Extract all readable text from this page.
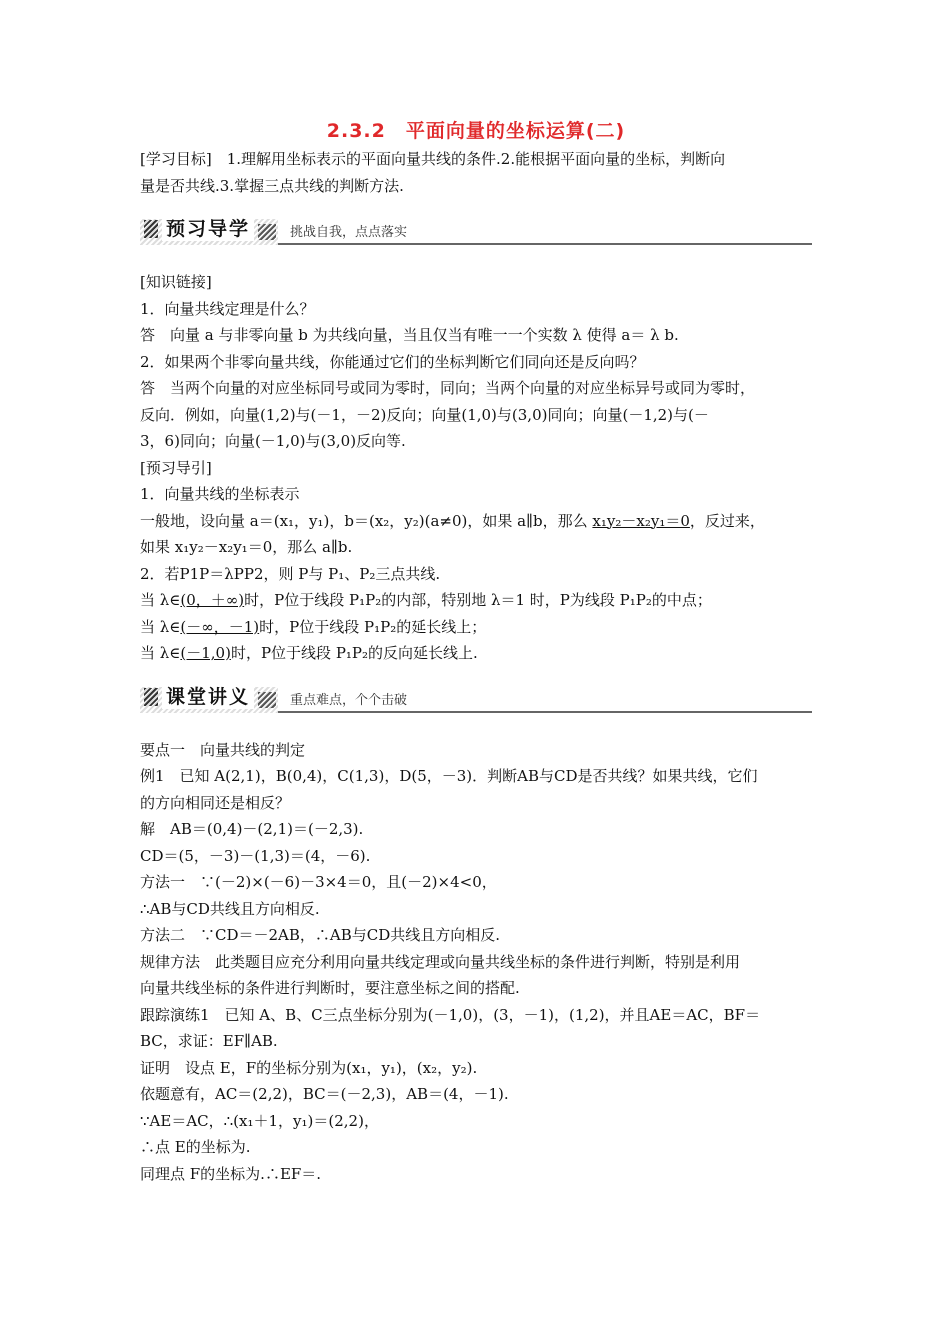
2.3.2　平面向量的坐标运算(二)
[学习目标]　1.理解用坐标表示的平面向量共线的条件.2.能根据平面向量的坐标，判断向
量是否共线.3.掌握三点共线的判断方法.
预习导学	挑战自我，点点落实
[知识链接]
1．向量共线定理是什么？
答　向量 a 与非零向量 b 为共线向量，当且仅当有唯一一个实数 λ 使得 a＝ λ b.
2．如果两个非零向量共线，你能通过它们的坐标判断它们同向还是反向吗？
答　当两个向量的对应坐标同号或同为零时，同向；当两个向量的对应坐标异号或同为零时，
反向．例如，向量(1,2)与(－1，－2)反向；向量(1,0)与(3,0)同向；向量(－1,2)与(－
3，6)同向；向量(－1,0)与(3,0)反向等.
[预习导引]
1．向量共线的坐标表示
一般地，设向量 a＝(x₁，y₁)，b＝(x₂，y₂)(a≠0)，如果 a∥b，那么 x₁y₂－x₂y₁＝0，反过来，
如果 x₁y₂－x₂y₁＝0，那么 a∥b.
2．若P1P＝λPP2，则 P与 P₁、P₂三点共线.
当 λ∈(0，＋∞)时，P位于线段 P₁P₂的内部，特别地 λ＝1 时，P为线段 P₁P₂的中点；
当 λ∈(－∞，－1)时，P位于线段 P₁P₂的延长线上；
当 λ∈(－1,0)时，P位于线段 P₁P₂的反向延长线上.
课堂讲义	重点难点，个个击破
要点一　向量共线的判定
例1　已知 A(2,1)，B(0,4)，C(1,3)，D(5，－3)．判断AB与CD是否共线？如果共线，它们
的方向相同还是相反？
解　AB＝(0,4)－(2,1)＝(－2,3).
CD＝(5，－3)－(1,3)＝(4，－6).
方法一　∵(－2)×(－6)－3×4＝0，且(－2)×4<0，
∴AB与CD共线且方向相反.
方法二　∵CD＝－2AB，∴AB与CD共线且方向相反.
规律方法　此类题目应充分利用向量共线定理或向量共线坐标的条件进行判断，特别是利用
向量共线坐标的条件进行判断时，要注意坐标之间的搭配.
跟踪演练1　已知 A、B、C三点坐标分别为(－1,0)，(3，－1)，(1,2)，并且AE＝AC，BF＝
BC，求证：EF∥AB.
证明　设点 E，F的坐标分别为(x₁，y₁)，(x₂，y₂).
依题意有，AC＝(2,2)，BC＝(－2,3)，AB＝(4，－1).
∵AE＝AC，∴(x₁＋1，y₁)＝(2,2)，
∴点 E的坐标为.
同理点 F的坐标为.∴EF＝.
